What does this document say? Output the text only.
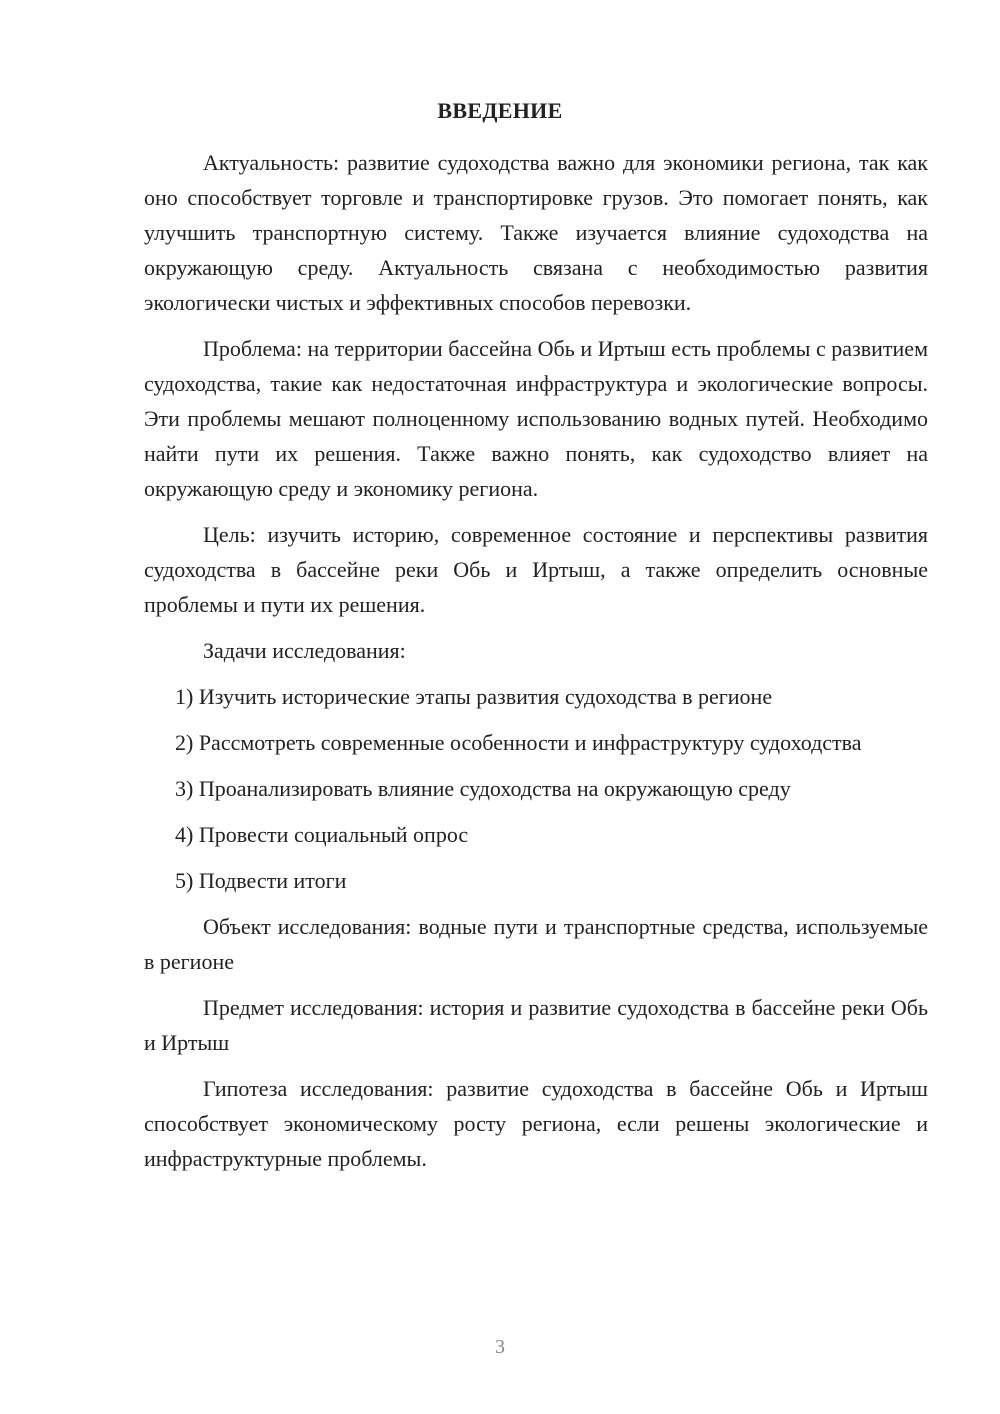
ВВЕДЕНИЕ

Актуальность: развитие судоходства важно для экономики региона, так как оно способствует торговле и транспортировке грузов. Это помогает понять, как улучшить транспортную систему. Также изучается влияние судоходства на окружающую среду. Актуальность связана с необходимостью развития экологически чистых и эффективных способов перевозки.

Проблема: на территории бассейна Обь и Иртыш есть проблемы с развитием судоходства, такие как недостаточная инфраструктура и экологические вопросы. Эти проблемы мешают полноценному использованию водных путей. Необходимо найти пути их решения. Также важно понять, как судоходство влияет на окружающую среду и экономику региона.

Цель: изучить историю, современное состояние и перспективы развития судоходства в бассейне реки Обь и Иртыш, а также определить основные проблемы и пути их решения.

Задачи исследования:

1) Изучить исторические этапы развития судоходства в регионе

2) Рассмотреть современные особенности и инфраструктуру судоходства

3) Проанализировать влияние судоходства на окружающую среду

4) Провести социальный опрос

5) Подвести итоги

Объект исследования: водные пути и транспортные средства, используемые в регионе

Предмет исследования: история и развитие судоходства в бассейне реки Обь и Иртыш

Гипотеза исследования: развитие судоходства в бассейне Обь и Иртыш способствует экономическому росту региона, если решены экологические и инфраструктурные проблемы.

3
